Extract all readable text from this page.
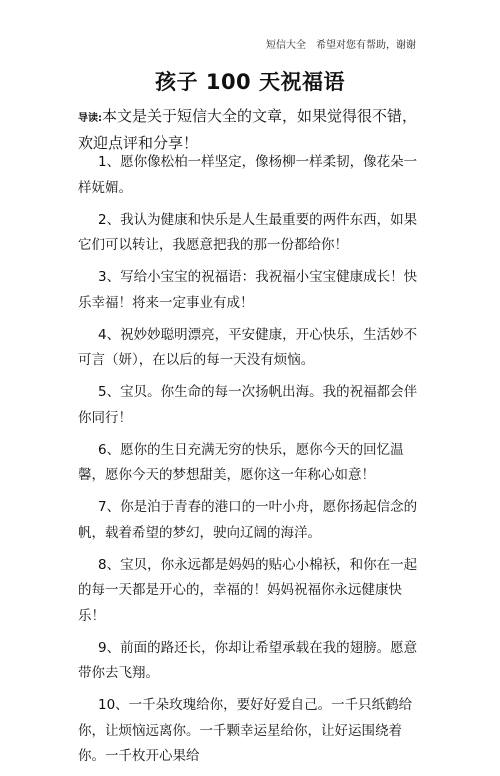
短信大全　希望对您有帮助，谢谢
孩子 100 天祝福语
导读:本文是关于短信大全的文章，如果觉得很不错，欢迎点评和分享！

1、愿你像松柏一样坚定，像杨柳一样柔韧，像花朵一样妩媚。

2、我认为健康和快乐是人生最重要的两件东西，如果它们可以转让，我愿意把我的那一份都给你！

3、写给小宝宝的祝福语：我祝福小宝宝健康成长！快乐幸福！将来一定事业有成！

4、祝妙妙聪明漂亮，平安健康，开心快乐，生活妙不可言（妍），在以后的每一天没有烦恼。

5、宝贝。你生命的每一次扬帆出海。我的祝福都会伴你同行！

6、愿你的生日充满无穷的快乐，愿你今天的回忆温馨，愿你今天的梦想甜美，愿你这一年称心如意！

7、你是泊于青春的港口的一叶小舟，愿你扬起信念的帆，载着希望的梦幻，驶向辽阔的海洋。

8、宝贝，你永远都是妈妈的贴心小棉袄，和你在一起的每一天都是开心的，幸福的！妈妈祝福你永远健康快乐！

9、前面的路还长，你却让希望承载在我的翅膀。愿意带你去飞翔。

10、一千朵玫瑰给你，要好好爱自己。一千只纸鹤给你，让烦恼远离你。一千颗幸运星给你，让好运围绕着你。一千枚开心果给
